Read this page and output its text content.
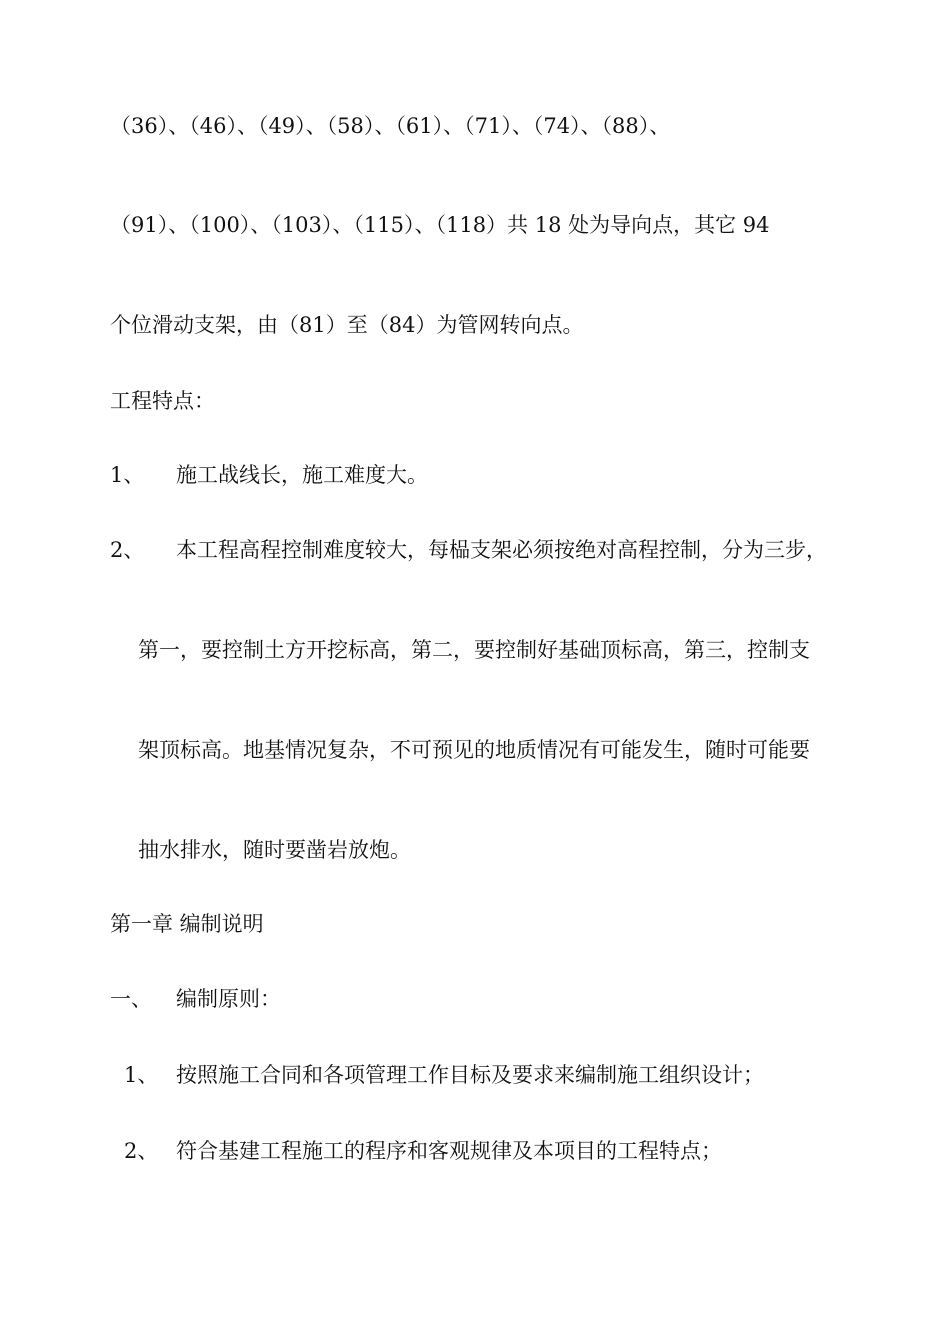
（36）、（46）、（49）、（58）、（61）、（71）、（74）、（88）、

（91）、（100）、（103）、（115）、（118）共 18 处为导向点，其它 94

个位滑动支架，由（81）至（84）为管网转向点。

工程特点：

1、 施工战线长，施工难度大。

2、 本工程高程控制难度较大，每榀支架必须按绝对高程控制，分为三步，

第一，要控制土方开挖标高，第二，要控制好基础顶标高，第三，控制支

架顶标高。地基情况复杂，不可预见的地质情况有可能发生，随时可能要

抽水排水，随时要凿岩放炮。

第一章 编制说明

一、 编制原则：

1、 按照施工合同和各项管理工作目标及要求来编制施工组织设计；

2、 符合基建工程施工的程序和客观规律及本项目的工程特点；
